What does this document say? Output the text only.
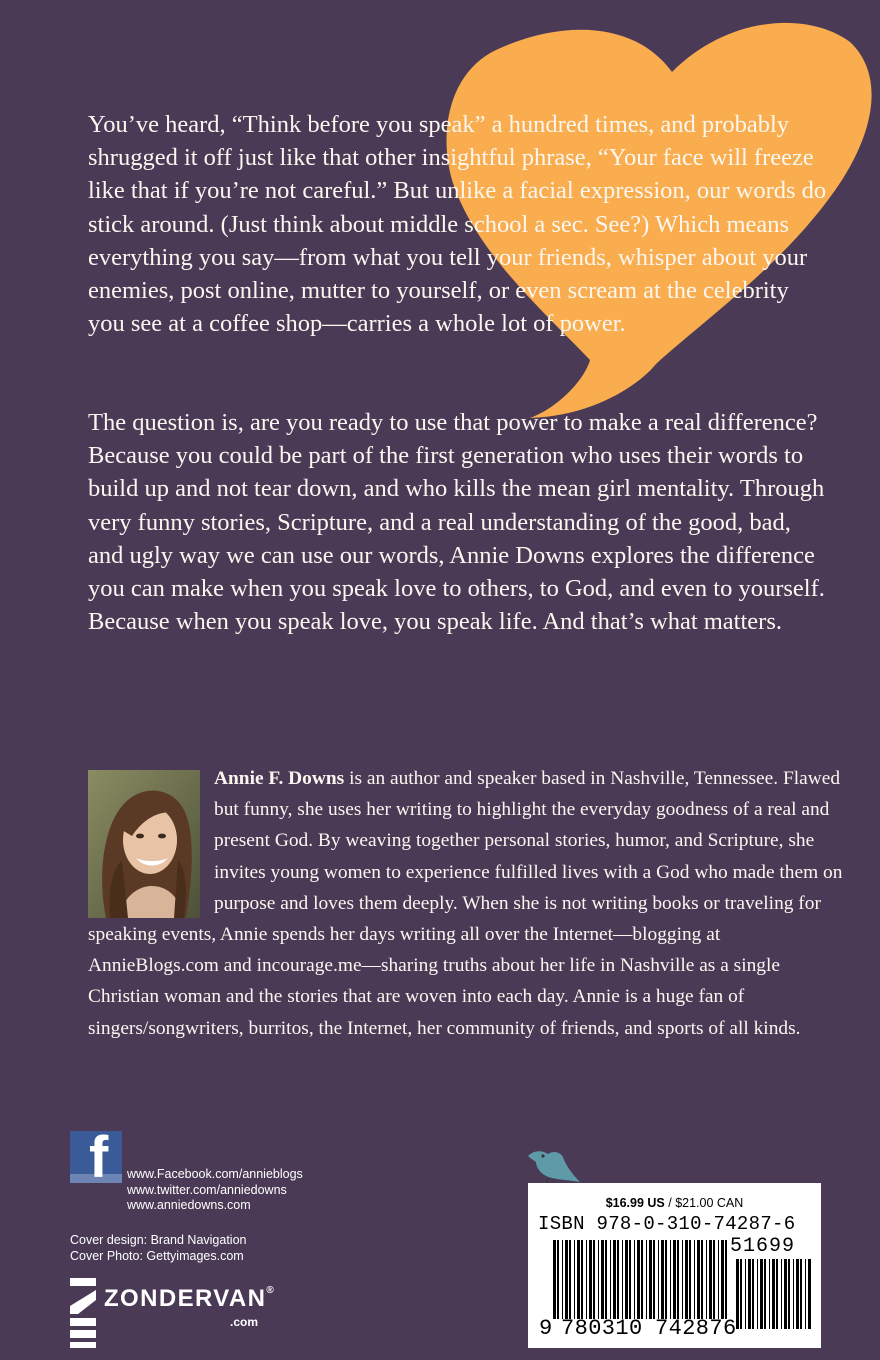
You’ve heard, “Think before you speak” a hundred times, and probably shrugged it off just like that other insightful phrase, “Your face will freeze like that if you’re not careful.” But unlike a facial expression, our words do stick around. (Just think about middle school a sec. See?) Which means everything you say—from what you tell your friends, whisper about your enemies, post online, mutter to yourself, or even scream at the celebrity you see at a coffee shop—carries a whole lot of power.

The question is, are you ready to use that power to make a real difference? Because you could be part of the first generation who uses their words to build up and not tear down, and who kills the mean girl mentality. Through very funny stories, Scripture, and a real understanding of the good, bad, and ugly way we can use our words, Annie Downs explores the difference you can make when you speak love to others, to God, and even to yourself. Because when you speak love, you speak life. And that’s what matters.

Annie F. Downs is an author and speaker based in Nashville, Tennessee. Flawed but funny, she uses her writing to highlight the everyday goodness of a real and present God. By weaving together personal stories, humor, and Scripture, she invites young women to experience fulfilled lives with a God who made them on purpose and loves them deeply. When she is not writing books or traveling for speaking events, Annie spends her days writing all over the Internet—blogging at AnnieBlogs.com and incourage.me—sharing truths about her life in Nashville as a single Christian woman and the stories that are woven into each day. Annie is a huge fan of singers/songwriters, burritos, the Internet, her community of friends, and sports of all kinds.

f www.Facebook.com/annieblogs
www.twitter.com/anniedowns
www.anniedowns.com
Cover design: Brand Navigation
Cover Photo: Gettyimages.com
ZONDERVAN®
.com
$16.99 US / $21.00 CAN
ISBN 978-0-310-74287-6
51699
9 780310 742876
